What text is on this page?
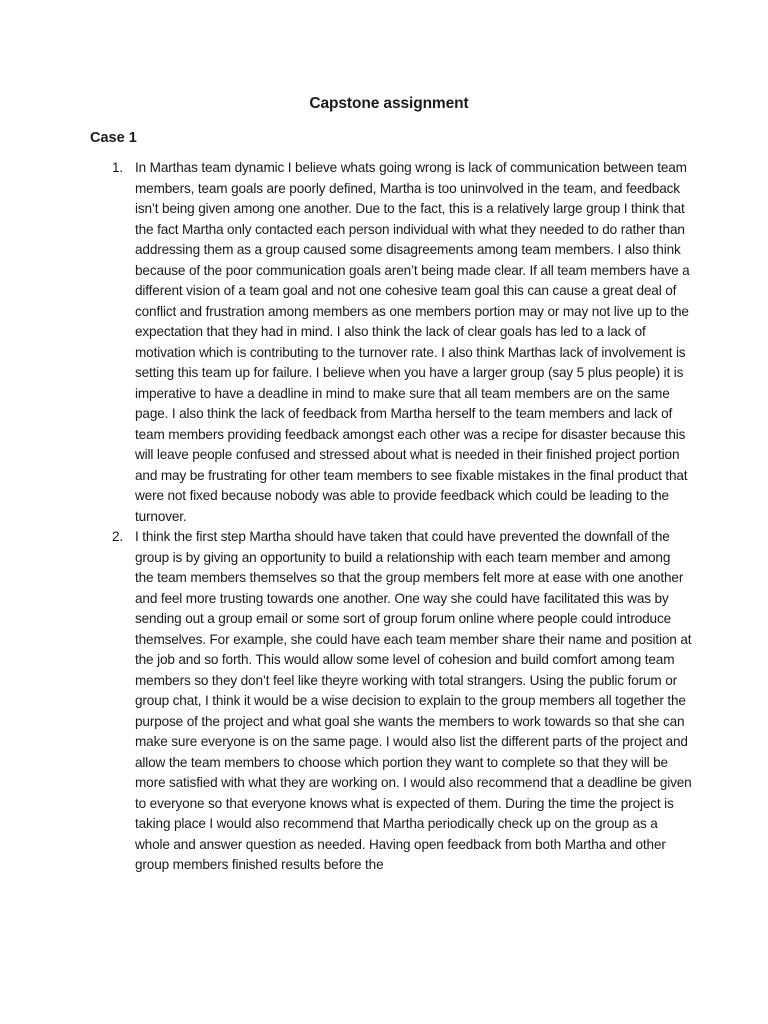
Capstone assignment
Case 1
1. In Marthas team dynamic I believe whats going wrong is lack of communication between team members, team goals are poorly defined, Martha is too uninvolved in the team, and feedback isn’t being given among one another. Due to the fact, this is a relatively large group I think that the fact Martha only contacted each person individual with what they needed to do rather than addressing them as a group caused some disagreements among team members. I also think because of the poor communication goals aren’t being made clear. If all team members have a different vision of a team goal and not one cohesive team goal this can cause a great deal of conflict and frustration among members as one members portion may or may not live up to the expectation that they had in mind. I also think the lack of clear goals has led to a lack of motivation which is contributing to the turnover rate. I also think Marthas lack of involvement is setting this team up for failure. I believe when you have a larger group (say 5 plus people) it is imperative to have a deadline in mind to make sure that all team members are on the same page. I also think the lack of feedback from Martha herself to the team members and lack of team members providing feedback amongst each other was a recipe for disaster because this will leave people confused and stressed about what is needed in their finished project portion and may be frustrating for other team members to see fixable mistakes in the final product that were not fixed because nobody was able to provide feedback which could be leading to the turnover.
2. I think the first step Martha should have taken that could have prevented the downfall of the group is by giving an opportunity to build a relationship with each team member and among the team members themselves so that the group members felt more at ease with one another and feel more trusting towards one another. One way she could have facilitated this was by sending out a group email or some sort of group forum online where people could introduce themselves. For example, she could have each team member share their name and position at the job and so forth. This would allow some level of cohesion and build comfort among team members so they don’t feel like theyre working with total strangers. Using the public forum or group chat, I think it would be a wise decision to explain to the group members all together the purpose of the project and what goal she wants the members to work towards so that she can make sure everyone is on the same page. I would also list the different parts of the project and allow the team members to choose which portion they want to complete so that they will be more satisfied with what they are working on. I would also recommend that a deadline be given to everyone so that everyone knows what is expected of them. During the time the project is taking place I would also recommend that Martha periodically check up on the group as a whole and answer question as needed. Having open feedback from both Martha and other group members finished results before the
